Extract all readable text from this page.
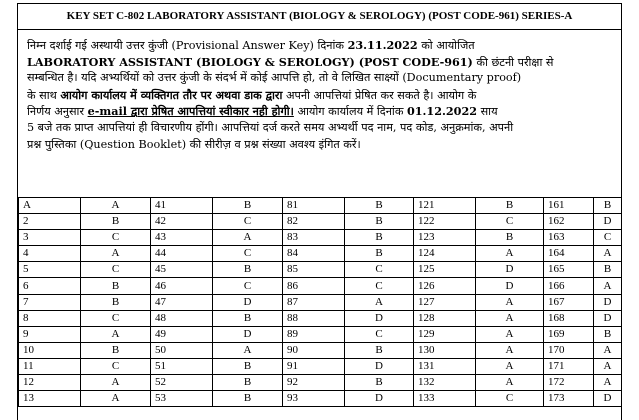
KEY SET C-802 LABORATORY ASSISTANT (BIOLOGY & SEROLOGY) (POST CODE-961) SERIES-A
निम्न दर्शाई गई अस्थायी उत्तर कुंजी (Provisional Answer Key) दिनांक 23.11.2022 को आयोजित
LABORATORY ASSISTANT (BIOLOGY & SEROLOGY) (POST CODE-961) की छंटनी परीक्षा से
सम्बन्धित है। यदि अभ्यर्थियों को उत्तर कुंजी के संदर्भ में कोई आपत्ति हो, तो वे लिखित साक्ष्यों (Documentary proof)
के साथ आयोग कार्यालय में व्यक्तिगत तौर पर अथवा डाक द्वारा अपनी आपत्तियां प्रेषित कर सकते है। आयोग के
निर्णय अनुसार e-mail द्वारा प्रेषित आपत्तियां स्वीकार नही होगी। आयोग कार्यालय में दिनांक 01.12.2022 साय
5 बजे तक प्राप्त आपत्तियां ही विचारणीय होंगी। आपत्तियां दर्ज करते समय अभ्यर्थी पद नाम, पद कोड, अनुक्रमांक, अपनी
प्रश्न पुस्तिका (Question Booklet) की सीरीज़ व प्रश्न संख्या अवश्य इंगित करें।
A	A	41	B	81	B	121	B	161	B
2	B	42	C	82	B	122	C	162	D
3	C	43	A	83	B	123	B	163	C
4	A	44	C	84	B	124	A	164	A
5	C	45	B	85	C	125	D	165	B
6	B	46	C	86	C	126	D	166	A
7	B	47	D	87	A	127	A	167	D
8	C	48	B	88	D	128	A	168	D
9	A	49	D	89	C	129	A	169	B
10	B	50	A	90	B	130	A	170	A
11	C	51	B	91	D	131	A	171	A
12	A	52	B	92	B	132	A	172	A
13	A	53	B	93	D	133	C	173	D
